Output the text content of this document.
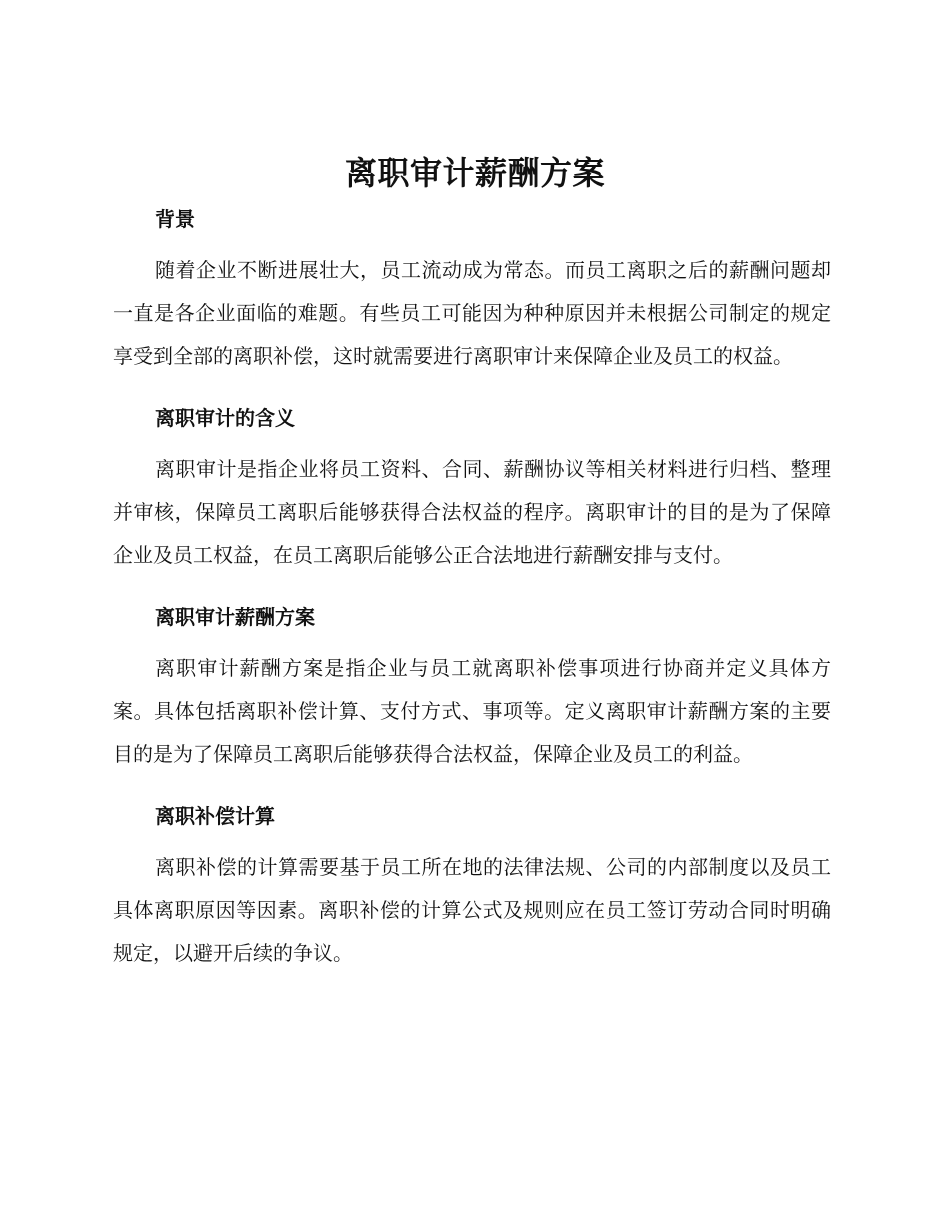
离职审计薪酬方案
背景

随着企业不断进展壮大，员工流动成为常态。而员工离职之后的薪酬问题却一直是各企业面临的难题。有些员工可能因为种种原因并未根据公司制定的规定享受到全部的离职补偿，这时就需要进行离职审计来保障企业及员工的权益。

离职审计的含义

离职审计是指企业将员工资料、合同、薪酬协议等相关材料进行归档、整理并审核，保障员工离职后能够获得合法权益的程序。离职审计的目的是为了保障企业及员工权益，在员工离职后能够公正合法地进行薪酬安排与支付。

离职审计薪酬方案

离职审计薪酬方案是指企业与员工就离职补偿事项进行协商并定义具体方案。具体包括离职补偿计算、支付方式、事项等。定义离职审计薪酬方案的主要目的是为了保障员工离职后能够获得合法权益，保障企业及员工的利益。

离职补偿计算

离职补偿的计算需要基于员工所在地的法律法规、公司的内部制度以及员工具体离职原因等因素。离职补偿的计算公式及规则应在员工签订劳动合同时明确规定，以避开后续的争议。
